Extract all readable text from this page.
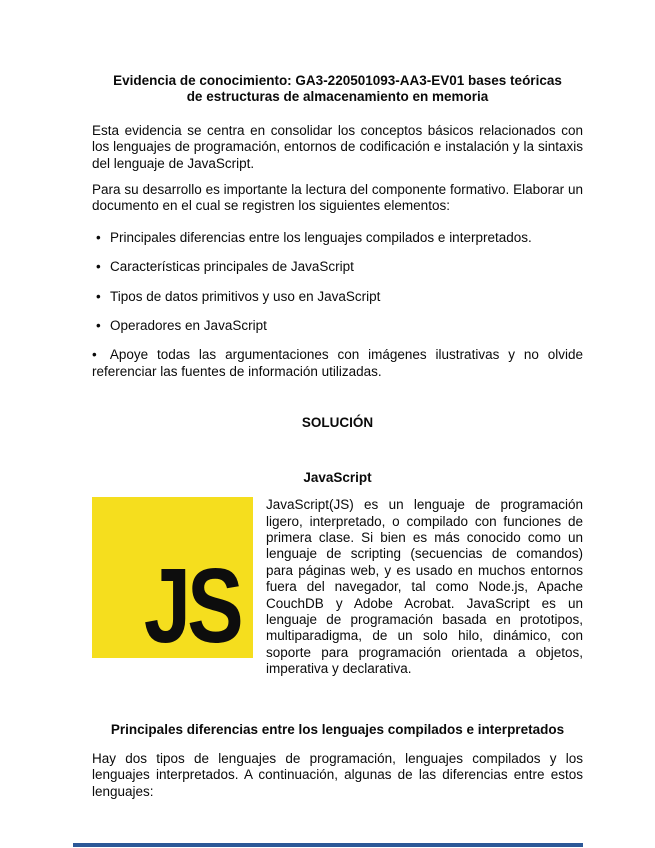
Evidencia de conocimiento: GA3-220501093-AA3-EV01 bases teóricas de estructuras de almacenamiento en memoria

Esta evidencia se centra en consolidar los conceptos básicos relacionados con los lenguajes de programación, entornos de codificación e instalación y la sintaxis del lenguaje de JavaScript.

Para su desarrollo es importante la lectura del componente formativo. Elaborar un documento en el cual se registren los siguientes elementos:

• Principales diferencias entre los lenguajes compilados e interpretados.
• Características principales de JavaScript
• Tipos de datos primitivos y uso en JavaScript
• Operadores en JavaScript

• Apoye todas las argumentaciones con imágenes ilustrativas y no olvide referenciar las fuentes de información utilizadas.

SOLUCIÓN

JavaScript

JS

JavaScript(JS) es un lenguaje de programación ligero, interpretado, o compilado con funciones de primera clase. Si bien es más conocido como un lenguaje de scripting (secuencias de comandos) para páginas web, y es usado en muchos entornos fuera del navegador, tal como Node.js, Apache CouchDB y Adobe Acrobat. JavaScript es un lenguaje de programación basada en prototipos, multiparadigma, de un solo hilo, dinámico, con soporte para programación orientada a objetos, imperativa y declarativa.

Principales diferencias entre los lenguajes compilados e interpretados

Hay dos tipos de lenguajes de programación, lenguajes compilados y los lenguajes interpretados. A continuación, algunas de las diferencias entre estos lenguajes:
